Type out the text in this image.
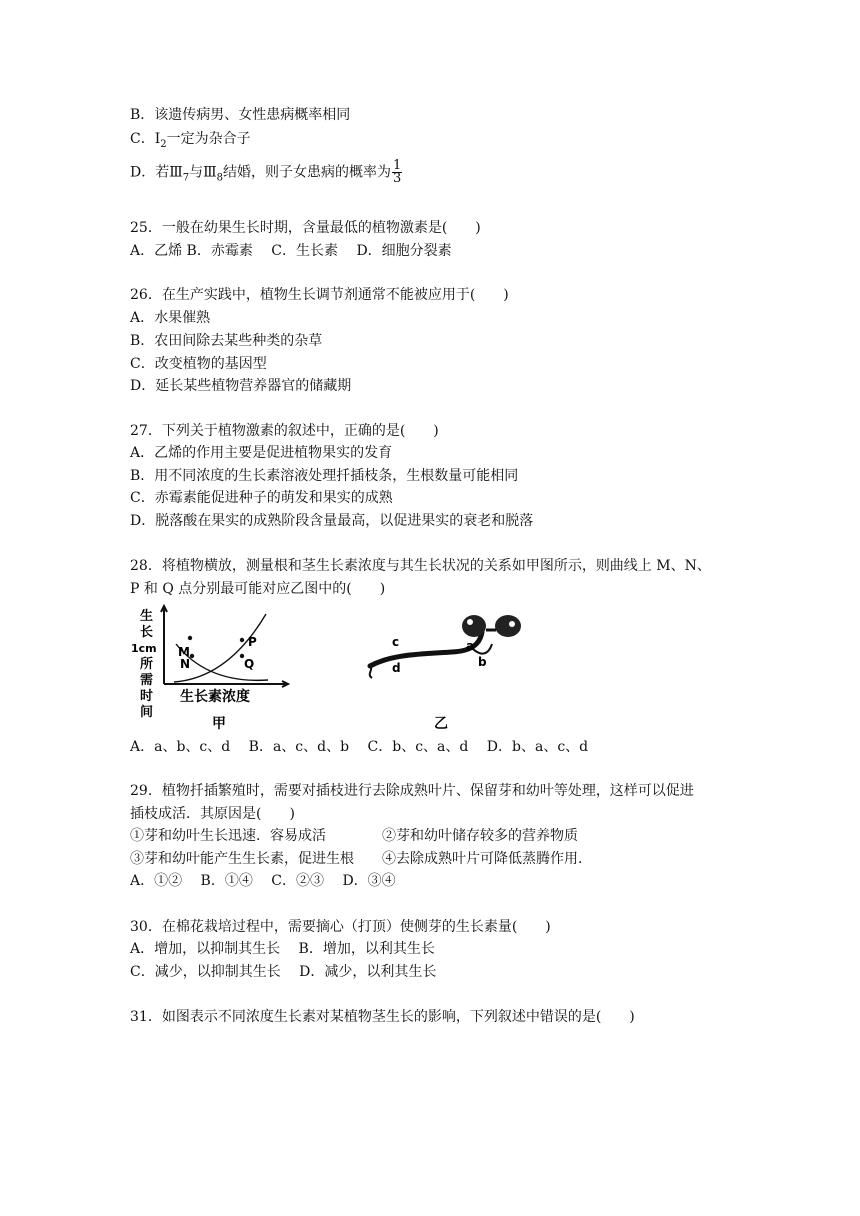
B．该遗传病男、女性患病概率相同
C．$Ⅰ_2$一定为杂合子
D．若$Ⅲ_7$与$Ⅲ_8$结婚，则子女患病的概率为 $\frac{1}{3}$
25．一般在幼果生长时期，含量最低的植物激素是(　　)
A．乙烯 B．赤霉素　 C．生长素　 D．细胞分裂素
26．在生产实践中，植物生长调节剂通常不能被应用于(　　)
A．水果催熟
B．农田间除去某些种类的杂草
C．改变植物的基因型
D．延长某些植物营养器官的储藏期
27．下列关于植物激素的叙述中，正确的是(　　)
A．乙烯的作用主要是促进植物果实的发育
B．用不同浓度的生长素溶液处理扦插枝条，生根数量可能相同
C．赤霉素能促进种子的萌发和果实的成熟
D．脱落酸在果实的成熟阶段含量最高，以促进果实的衰老和脱落
28．将植物横放，测量根和茎生长素浓度与其生长状况的关系如甲图所示，则曲线上 M、N、
P 和 Q 点分别最可能对应乙图中的(　　)
M
N
P
Q
生
长
1cm
所
需
时
间
生长素浓度
甲
c
d
a
b
乙
A．a、b、c、d　 B．a、c、d、b　 C．b、c、a、d　 D．b、a、c、d
29．植物扦插繁殖时，需要对插枝进行去除成熟叶片、保留芽和幼叶等处理，这样可以促进
插枝成活．其原因是(　　)
①芽和幼叶生长迅速．容易成活　　　　②芽和幼叶储存较多的营养物质
③芽和幼叶能产生生长素，促进生根　　④去除成熟叶片可降低蒸腾作用．
A．①②　 B．①④　 C．②③　 D．③④
30．在棉花栽培过程中，需要摘心（打顶）使侧芽的生长素量(　　)
A．增加，以抑制其生长　 B．增加，以利其生长
C．减少，以抑制其生长　 D．减少，以利其生长
31．如图表示不同浓度生长素对某植物茎生长的影响，下列叙述中错误的是(　　)
